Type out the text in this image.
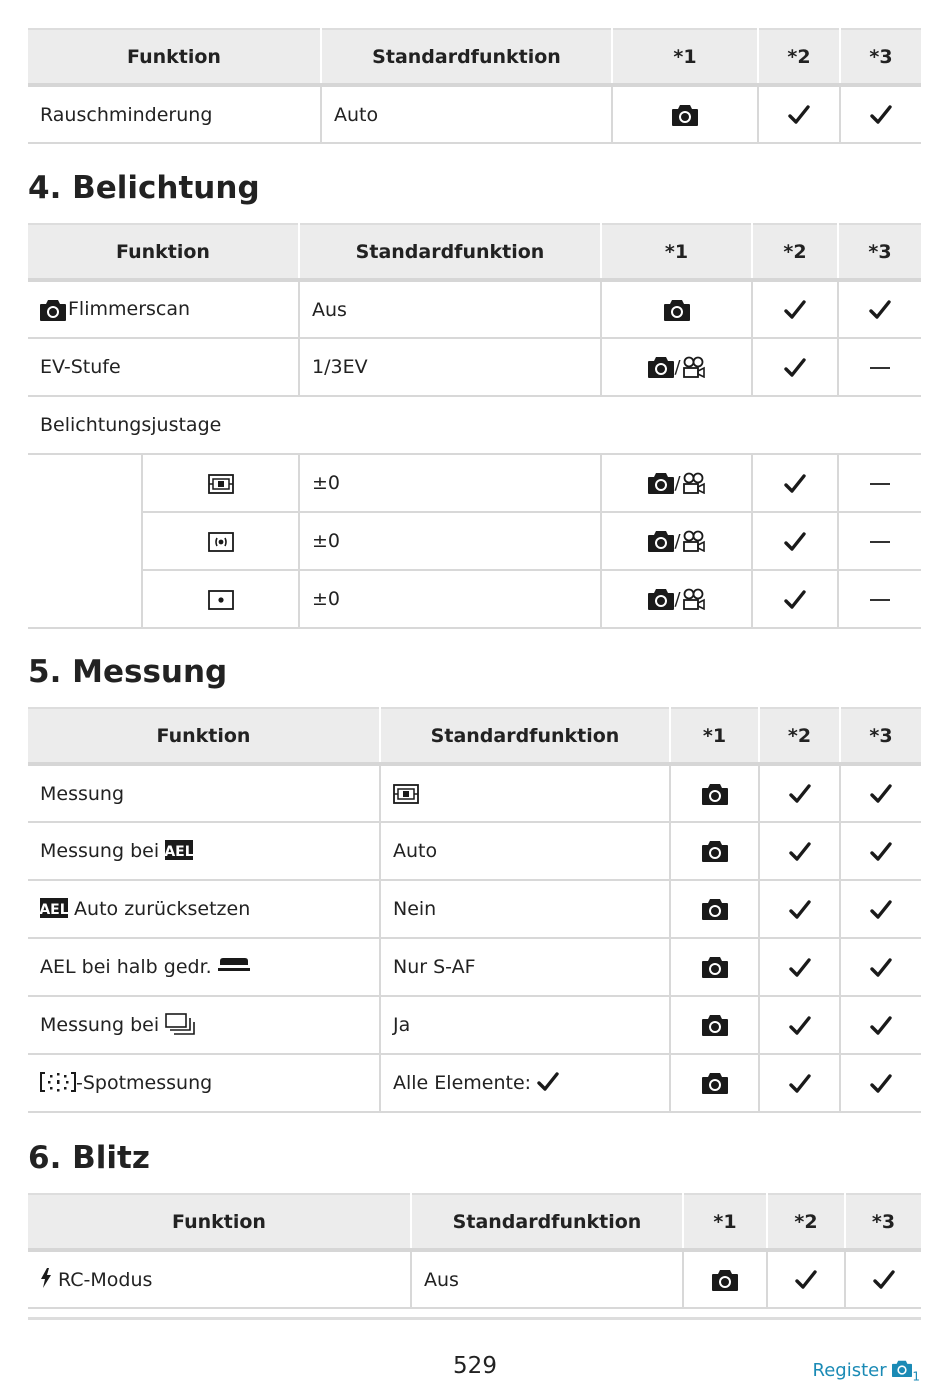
Funktion	Standardfunktion	*1	*2	*3
Rauschminderung	Auto			
4. Belichtung
Funktion		Standardfunktion	*1	*2	*3
Flimmerscan		Aus			
EV-Stufe		1/3EV	/		
Belichtungsjustage					
		±0	/		
		±0	/		
		±0	/		
5. Messung
Funktion	Standardfunktion	*1	*2	*3
Messung				
Messung bei	Auto			
Auto zurücksetzen	Nein			
AEL bei halb gedr.	Nur S-AF			
Messung bei	Ja			
-Spotmessung	Alle Elemente:			
6. Blitz
Funktion	Standardfunktion	*1	*2	*3
RC-Modus	Aus			
529	Register $_1$
